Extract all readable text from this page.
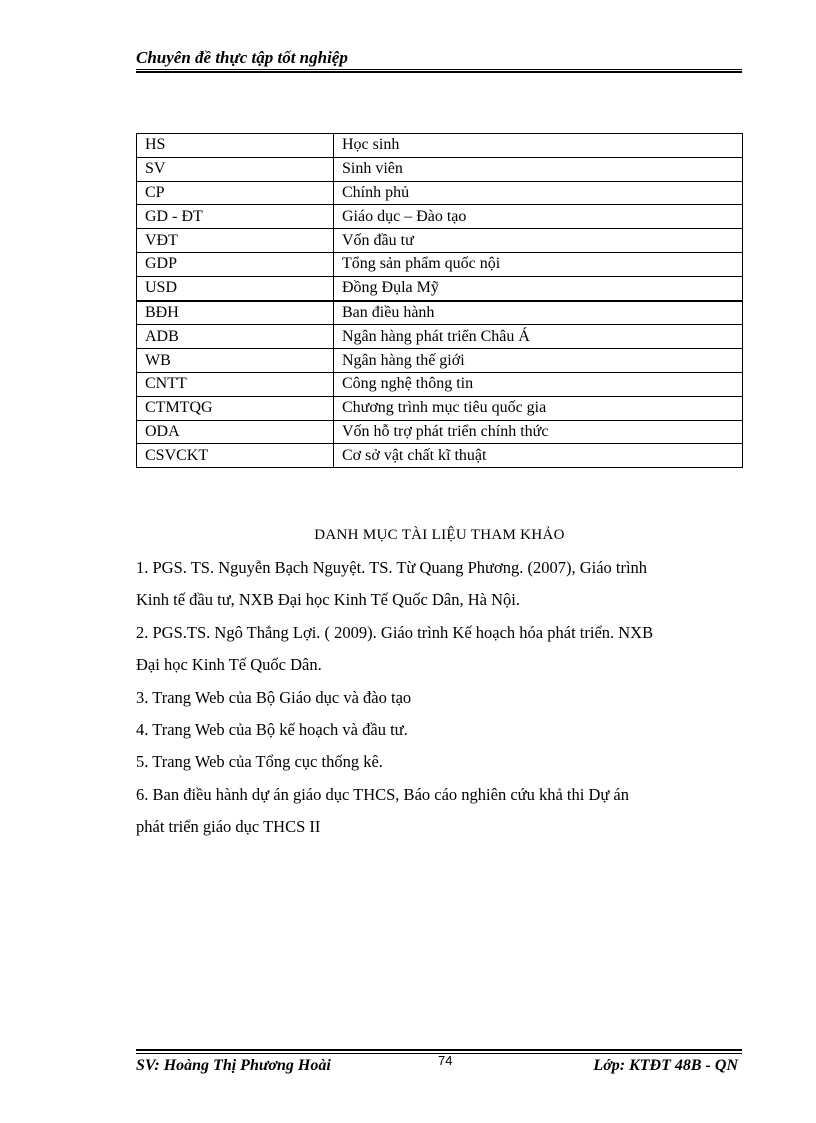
Chuyên đề thực tập tốt nghiệp
HS	Học sinh
SV	Sinh viên
CP	Chính phủ
GD - ĐT	Giáo dục – Đào tạo
VĐT	Vốn đầu tư
GDP	Tổng sản phẩm quốc nội
USD	Đồng Đụla Mỹ
BĐH	Ban điều hành
ADB	Ngân hàng phát triển Châu Á
WB	Ngân hàng thế giới
CNTT	Công nghệ thông tin
CTMTQG	Chương trình mục tiêu quốc gia
ODA	Vốn hỗ trợ phát triển chính thức
CSVCKT	Cơ sở vật chất kĩ thuật
DANH MỤC TÀI LIỆU THAM KHẢO

1. PGS. TS. Nguyễn Bạch Nguyệt. TS. Từ Quang Phương. (2007), Giáo trình

Kinh tế đầu tư, NXB Đại học Kinh Tế Quốc Dân, Hà Nội.

2. PGS.TS. Ngô Thắng Lợi. ( 2009). Giáo trình Kế hoạch hóa phát triển. NXB

Đại học Kinh Tế Quốc Dân.

3. Trang Web của Bộ Giáo dục và đào tạo

4. Trang Web của Bộ kế hoạch và đầu tư.

5. Trang Web của Tổng cục thống kê.

6. Ban điều hành dự án giáo dục THCS, Báo cáo nghiên cứu khả thi Dự án

phát triển giáo dục THCS II

SV: Hoàng Thị Phương Hoài	74	Lớp: KTĐT 48B - QN
